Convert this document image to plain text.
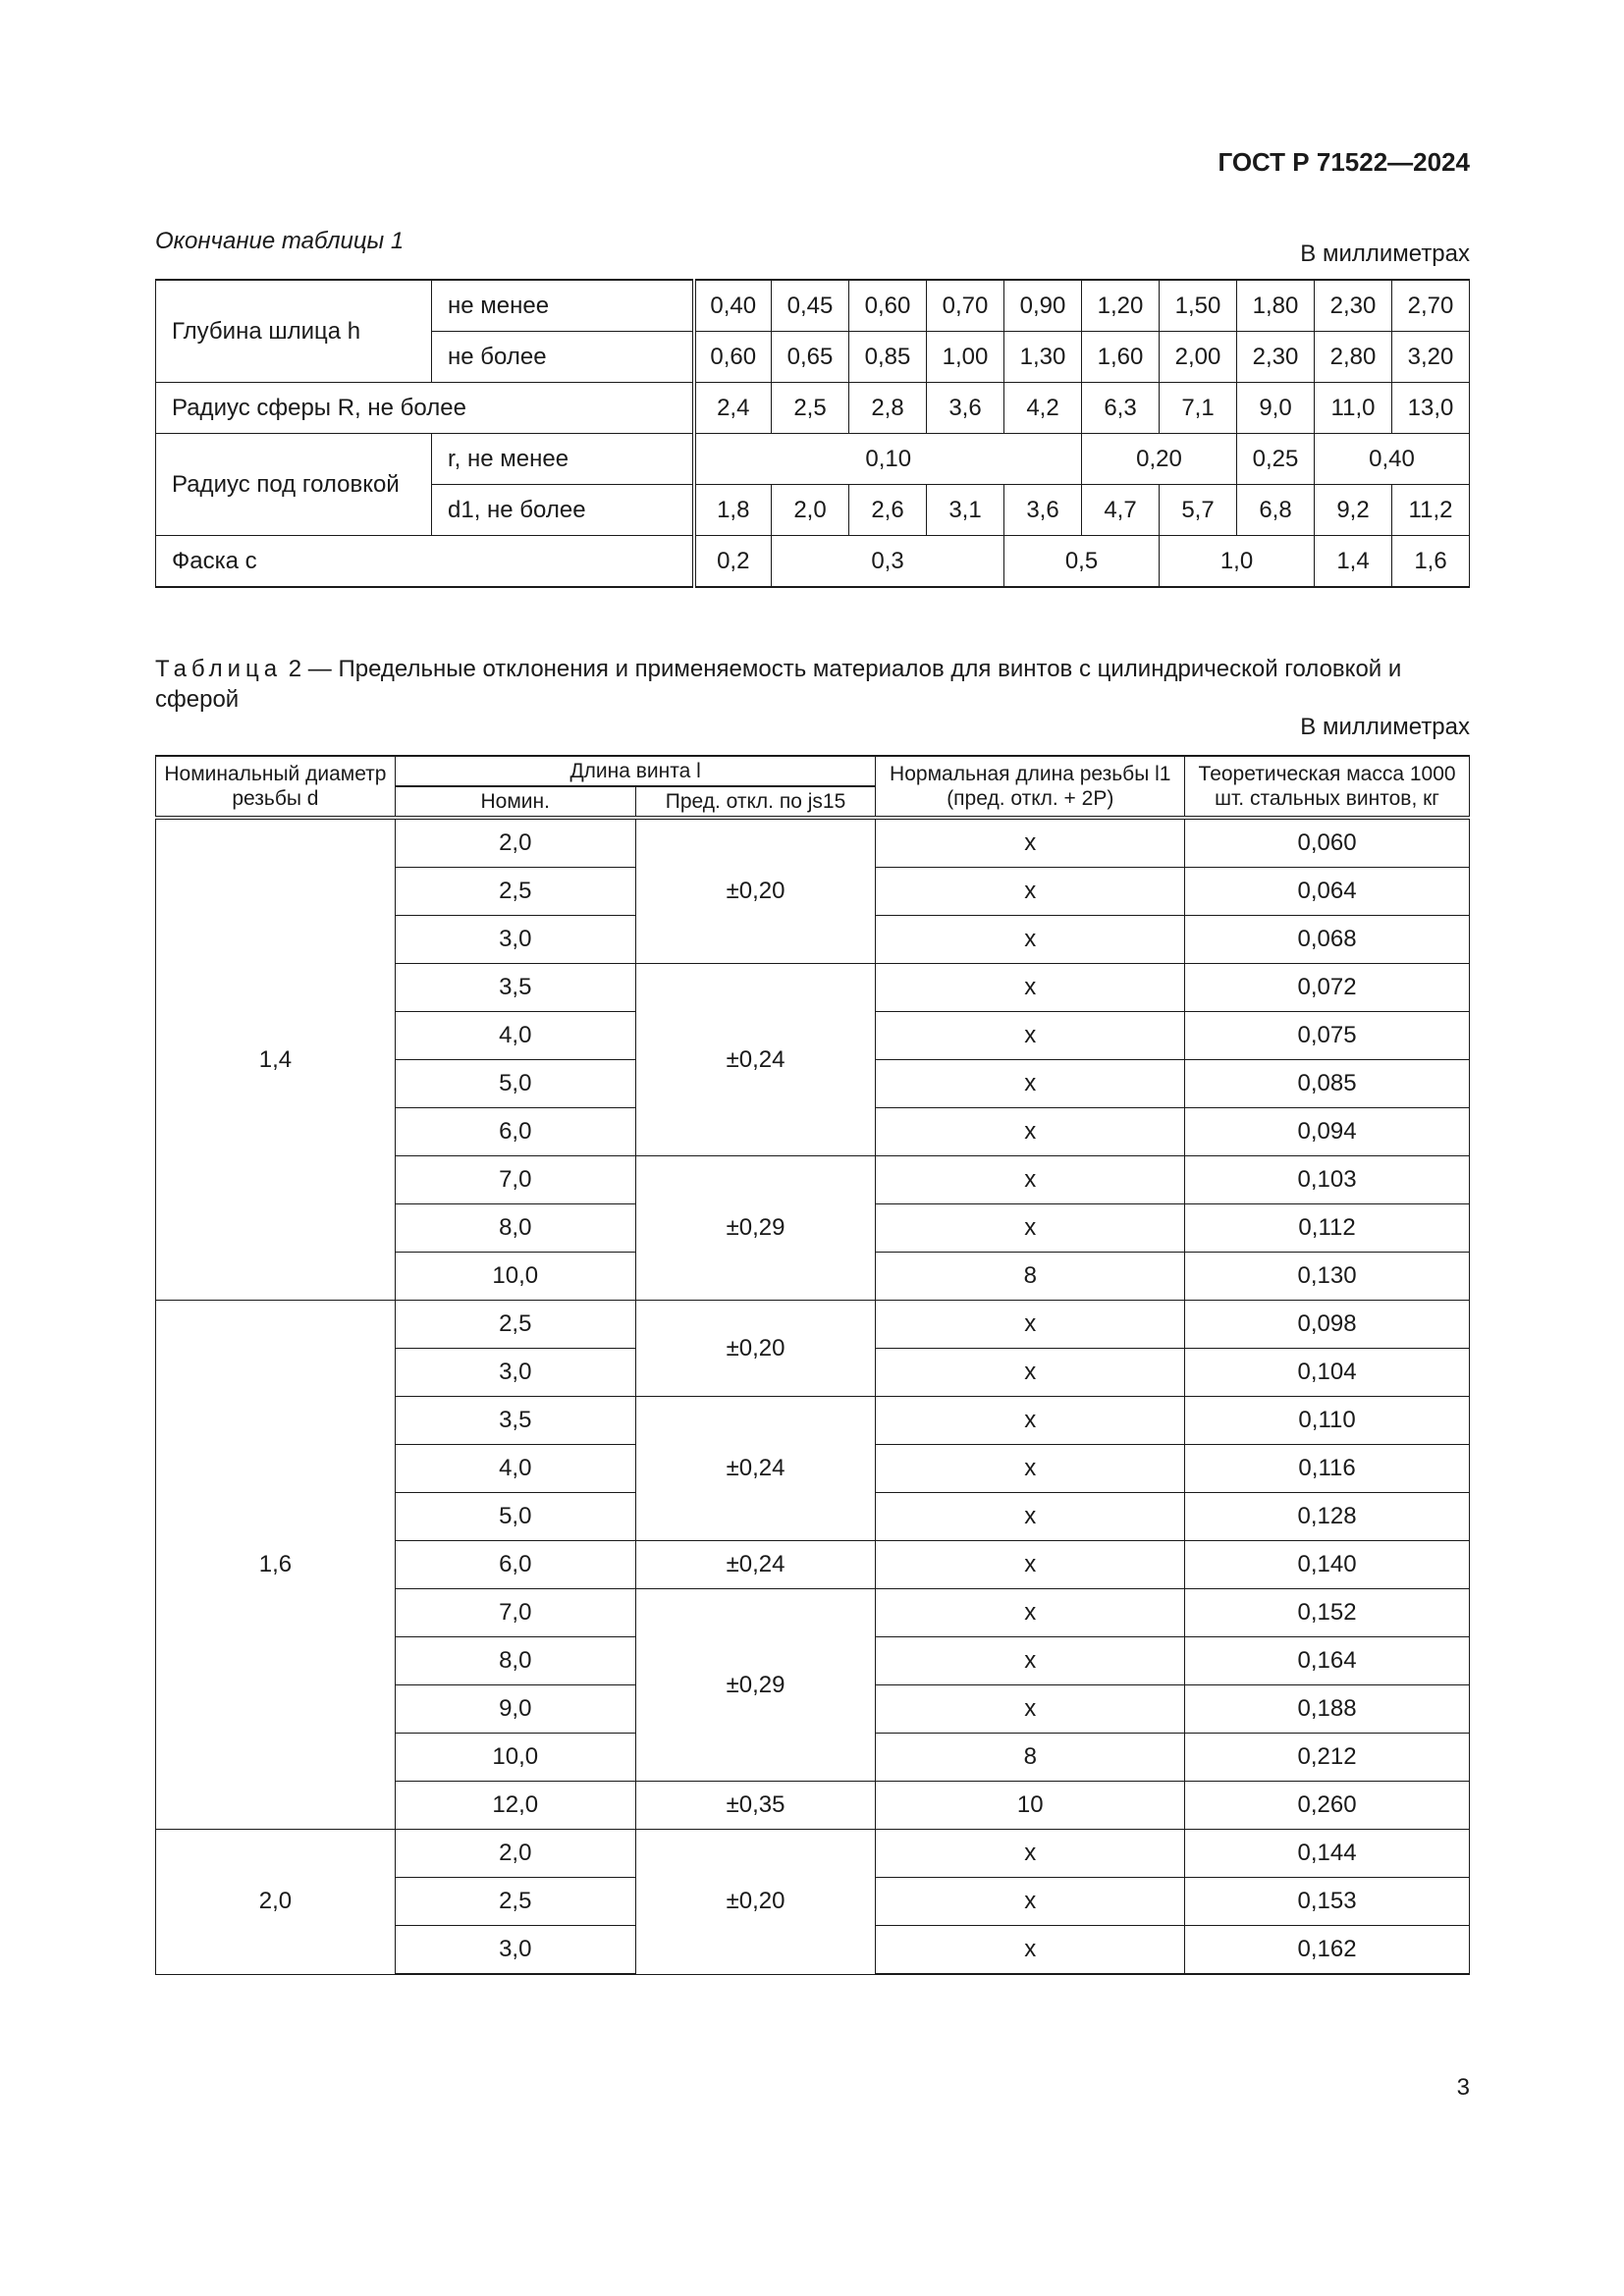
ГОСТ Р 71522—2024
Окончание таблицы 1	В миллиметрах
Глубина шлица h	не менее	0,40	0,45	0,60	0,70	0,90	1,20	1,50	1,80	2,30	2,70
	не более	0,60	0,65	0,85	1,00	1,30	1,60	2,00	2,30	2,80	3,20
Радиус сферы R, не более		2,4	2,5	2,8	3,6	4,2	6,3	7,1	9,0	11,0	13,0
Радиус под головкой	r, не менее	0,10					0,20		0,25	0,40	
	d1, не более	1,8	2,0	2,6	3,1	3,6	4,7	5,7	6,8	9,2	11,2
Фаска c		0,2	0,3			0,5		1,0		1,4	1,6
Таблица 2 — Предельные отклонения и применяемость материалов для винтов с цилиндрической головкой и сферой
В миллиметрах
Номинальный диаметр резьбы d	Длина винта l		Нормальная длина резьбы l1 (пред. откл. + 2P)	Теоретическая масса 1000 шт. стальных винтов, кг
	Номин.	Пред. откл. по js15		
1,4	2,0	±0,20	x	0,060
	2,5		x	0,064
	3,0		x	0,068
	3,5	±0,24	x	0,072
	4,0		x	0,075
	5,0		x	0,085
	6,0		x	0,094
	7,0	±0,29	x	0,103
	8,0		x	0,112
	10,0		8	0,130
1,6	2,5	±0,20	x	0,098
	3,0		x	0,104
	3,5	±0,24	x	0,110
	4,0		x	0,116
	5,0		x	0,128
	6,0	±0,24	x	0,140
	7,0	±0,29	x	0,152
	8,0		x	0,164
	9,0		x	0,188
	10,0		8	0,212
	12,0	±0,35	10	0,260
2,0	2,0	±0,20	x	0,144
	2,5		x	0,153
	3,0		x	0,162
3
